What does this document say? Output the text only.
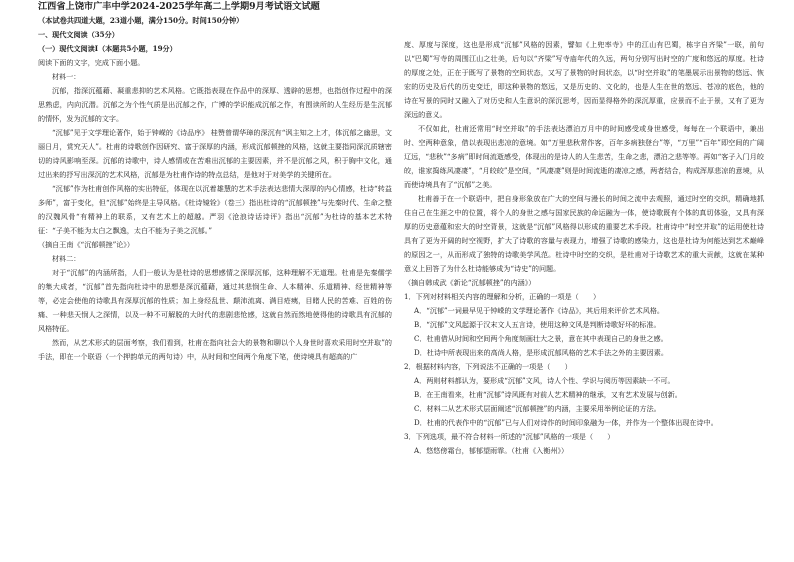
江西省上饶市广丰中学2024-2025学年高二上学期9月考试语文试题

（本试卷共四道大题，23道小题，满分150分。时间150分钟）

一、现代文阅读（35分）

（一）现代文阅读Ⅰ（本题共5小题，19分）

阅读下面的文字，完成下面小题。

材料一：

沉郁，指深沉蕴藉、凝重悲抑的艺术风格。它既指表现在作品中的深厚、透辟的思想，也指创作过程中的深思熟虑，内向沉潜。沉郁之为个性气质是出沉郁之作，广博的学识能成沉郁之作，有围读所的人生经历是生沉郁的情怀，发为沉郁的文字。

“沉郁”见于文学理论著作，始于钟嵘的《诗品序》 桂赞曾谓华璋的深沉有“讽主知之上才，体沉郁之幽思，文丽日月，赏究天人”。杜甫的诗歌创作因研究、富于深厚的内涵，形成沉郁顿挫的风格，这就主要指同深沉质辖密切的诗风影响至深。沉郁的诗歌中，诗人感情或在苦难出沉郁的主要因素，并不是沉郁之风，积于胸中文化，通过出来的抒写出深沉的艺术风格，沉郁是为杜甫作诗的特点总结，是他对于对美学的关键所在。

“沉郁”作为杜甫创作风格的实出特征，体现在以沉着雄慧的艺术手法表达悲情大深厚的内心情感，杜诗“转益多师”，富于变化，但“沉郁”始终是主导风格。《杜诗镜铨》（卷三）指出杜诗的“沉郁顿挫”与先秦时代、生命之整的汉魏风骨“有精神上的联系，又有艺术上的超越。严羽《沧浪诗话诗评》指出“沉郁”为杜诗的基本艺术特征：“子美不能为太白之飘逸，太白不能为子美之沉郁。”

（摘自王南《“沉郁顿挫”论》）

材料二：

对于“沉郁”的内涵所指，人们一般认为是杜诗的思想感情之深厚沉郁，这种理解不无道理。杜甫是先秦儒学的集大成者，“沉郁”首先指向杜诗中的思想是深沉蕴藉，通过其悲悯生命、人本精神、乐道精神、经世精神等等，必定会使他的诗歌具有深厚沉郁的性质；加上身经乱世、颠沛流离、满目疮痍，目睹人民的苦难、百姓的伤痛、一种悲天悯人之深情，以及一种不可解脱的大时代的悲剧悲怆感，这就自然而然地使得他的诗歌具有沉郁的风格特征。

然而，从艺术形式的层面考察，我们看到，杜甫在指向社会大的景物和聊以个人身世时喜欢采用时空并取”的手法，即在一个联语（一个押韵单元的两句诗）中，从时间和空间两个角度下笔，使诗境具有超高的广

度、厚度与深度，这也是形成“沉郁”风格的因素，譬如《上兜率寺》中的江山有巴蜀，栋宇自齐梁”一联，前句以“巴蜀”写寺的周围江山之壮美，后句以“齐梁”写寺庙年代的久远，两句分别写出时空的广度和悠远的厚度。杜诗的厚度之处，正在于既写了景物的空间状态，又写了景物的时间状态，以“时空并取”的笔墨展示出景物的悠远、恢宏的历史及后代的历史变迁，即这种景物的悠远，又是历史的、文化的，也是人生在世的悠远、苍凉的底色，他的诗在写景的同时又融入了对历史和人生意识的深沉思考，因而显得格外的深沉厚重，应景而不止于景，又有了更为深远的意义。

不仅如此，杜甫还常用“时空并取”的手法表达漂泊万月中的时间感受或身世感受，每每在一个联语中，兼出时、空两种意象，借以表现出悲凉的意境。如“万里悲秋常作客，百年多病独登台”等，“万里”“百年”即空间的广阔辽远，“悲秋”“多病”即时间流逝感受，体现出的是诗人的人生悲苦，生命之悲，漂泊之悲等等。再如“客子入门月皎皎，谁家捣练风凄凄”，“月皎皎”是空间，“风凄凄”则是时间流逝的凄凉之感，两者结合，构成浑厚悲凉的意境，从而使诗境具有了“沉郁”之美。

杜甫善于在一个联语中，把自身形象放在广大的空间与漫长的时间之流中去观照，通过时空的交织，精确地抓住自己在生涯之中的位置，将个人的身世之感与国家民族的命运融为一体，使诗歌既有个体的真切体验，又具有深厚的历史意蕴和宏大的时空背景，这就是“沉郁”风格得以形成的重要艺术手段。杜甫诗中“时空并取”的运用使杜诗具有了更为开阔的时空视野，扩大了诗歌的容量与表现力，增强了诗歌的感染力，这也是杜诗为何能达到艺术巅峰的原因之一，从而形成了独特的诗歌美学风范。杜诗中时空的交织，是杜甫对于诗歌艺术的重大贡献，这就在某种意义上回答了为什么杜诗能够成为“诗史”的问题。

（摘自韩成武《新论“沉郁顿挫”的内涵》）

1．下列对材料相关内容的理解和分析，正确的一项是（　　）

A．“沉郁”一词最早见于钟嵘的文学理论著作《诗品》，其后用来评价艺术风格。

B．“沉郁”文风起源于汉末文人五言诗，使用这种文风是判断诗歌好坏的标准。

C．杜甫借从时间和空间两个角度刻画壮大之景，意在其中表现自己的身世之感。

D．杜诗中所表现出来的高尚人格，是形成沉郁风格的艺术手法之外的主要因素。

2．根据材料内容，下列说法不正确的一项是（　　）

A．两则材料都认为，要形成“沉郁”文风，诗人个性、学识与阅历等因素缺一不可。

B．在王南看来，杜甫“沉郁”诗风既有对前人艺术精神的继承，又有艺术发展与创新。

C．材料二从艺术形式层面阐述“沉郁顿挫”的内涵，主要采用举例论证的方法。

D．杜甫的代表作中的“沉郁”已与人们对诗作的时间印象融为一体，并作为一个整体出现在诗中。

3．下列选项，最不符合材料一所述的“沉郁”风格的一项是（　　）

A．悠悠傍霜台，郁郁望雨霏。（杜甫《入衡州》）
